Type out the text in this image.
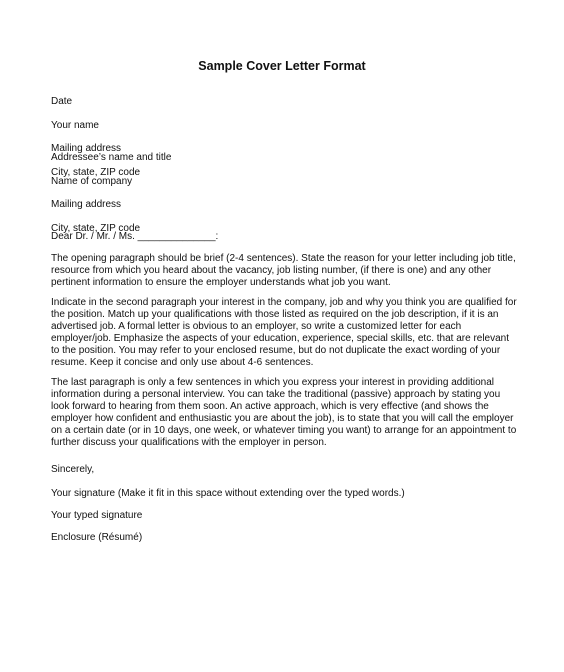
Sample Cover Letter Format

Date

Your name

Mailing address

City, state, ZIP code

Addressee’s name and title

Name of company

Mailing address

City, state, ZIP code

Dear Dr. / Mr. / Ms. ______________:
The opening paragraph should be brief (2-4 sentences). State the reason for your letter including job title,
resource from which you heard about the vacancy, job listing number, (if there is one) and any other
pertinent information to ensure the employer understands what job you want.
Indicate in the second paragraph your interest in the company, job and why you think you are qualified for
the position. Match up your qualifications with those listed as required on the job description, if it is an
advertised job. A formal letter is obvious to an employer, so write a customized letter for each
employer/job. Emphasize the aspects of your education, experience, special skills, etc. that are relevant
to the position. You may refer to your enclosed resume, but do not duplicate the exact wording of your
resume. Keep it concise and only use about 4-6 sentences.
The last paragraph is only a few sentences in which you express your interest in providing additional
information during a personal interview. You can take the traditional (passive) approach by stating you
look forward to hearing from them soon. An active approach, which is very effective (and shows the
employer how confident and enthusiastic you are about the job), is to state that you will call the employer
on a certain date (or in 10 days, one week, or whatever timing you want) to arrange for an appointment to
further discuss your qualifications with the employer in person.
Sincerely,
Your signature (Make it fit in this space without extending over the typed words.)
Your typed signature
Enclosure (Résumé)
